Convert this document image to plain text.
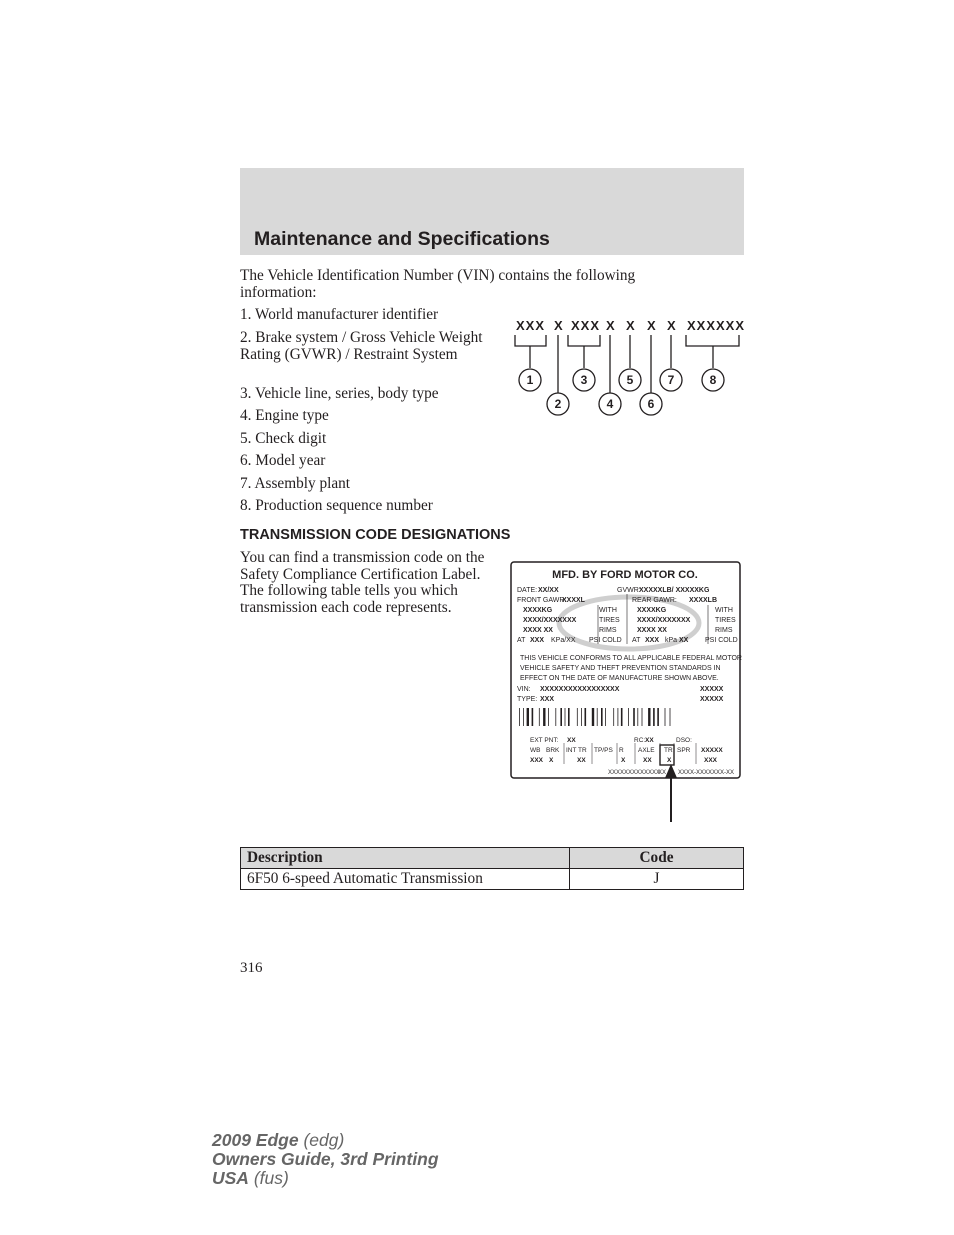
Maintenance and Specifications

The Vehicle Identification Number (VIN) contains the following information:

1. World manufacturer identifier
2. Brake system / Gross Vehicle Weight Rating (GVWR) / Restraint System
3. Vehicle line, series, body type
4. Engine type
5. Check digit
6. Model year
7. Assembly plant
8. Production sequence number
XXX X XXX X X X X XXXXXX
1
2
3
4
5
6
7	8
TRANSMISSION CODE DESIGNATIONS

You can find a transmission code on the Safety Compliance Certification Label. The following table tells you which transmission each code represents.

MFD. BY FORD MOTOR CO.
DATE: XX/XX	GVWR:
XXXXXLB/ XXXXXKG
FRONT GAWR:
XXXXL	REAR GAWR: XXXXLB
XXXXKG	WITH	XXXXKG	WITH
XXXX/XXXXXXX	TIRES XXXX/XXXXXXX	TIRES
XXXX XX	RIMS	XXXX XX	RIMS
AT XXX KPa/XX PSI COLD AT XXX kPa XX PSI COLD
THIS VEHICLE CONFORMS TO ALL APPLICABLE FEDERAL MOTOR
VEHICLE SAFETY AND THEFT PREVENTION STANDARDS IN
EFFECT ON THE DATE OF MANUFACTURE SHOWN ABOVE.
VIN: XXXXXXXXXXXXXXXXX
TYPE: XXX
XXXXX
XXXXX
EXT PNT: XX	RC: XX	DSO:
WB BRK INT TR TP/PS R AXLE TR SPR XXXXX
XXX X	XX	X	XX X	XXX
XXXXXXXXXXXXX
XX XXXX-XXXXXXX-XX
Description	Code
6F50 6-speed Automatic Transmission	J
316
2009 Edge (edg)
Owners Guide, 3rd Printing
USA (fus)
